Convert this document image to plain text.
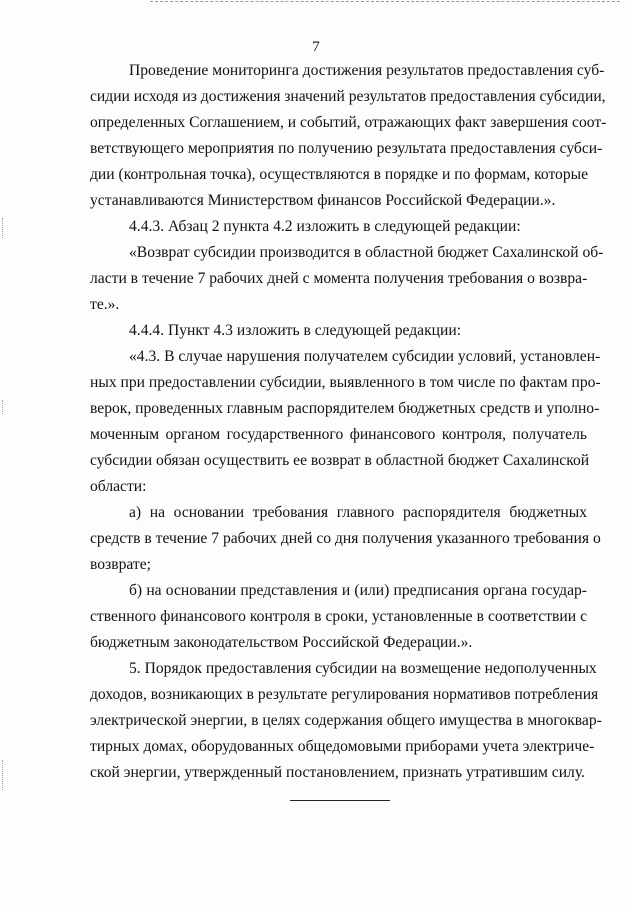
7
Проведение мониторинга достижения результатов предоставления суб-
сидии исходя из достижения значений результатов предоставления субсидии,
определенных Соглашением, и событий, отражающих факт завершения соот-
ветствующего мероприятия по получению результата предоставления субси-
дии (контрольная точка), осуществляются в порядке и по формам, которые
устанавливаются Министерством финансов Российской Федерации.».
4.4.3. Абзац 2 пункта 4.2 изложить в следующей редакции:
«Возврат субсидии производится в областной бюджет Сахалинской об-
ласти в течение 7 рабочих дней с момента получения требования о возвра-
те.».
4.4.4. Пункт 4.3 изложить в следующей редакции:
«4.3. В случае нарушения получателем субсидии условий, установлен-
ных при предоставлении субсидии, выявленного в том числе по фактам про-
верок, проведенных главным распорядителем бюджетных средств и уполно-
моченным органом государственного финансового контроля, получатель
субсидии обязан осуществить ее возврат в областной бюджет Сахалинской
области:
а) на основании требования главного распорядителя бюджетных
средств в течение 7 рабочих дней со дня получения указанного требования о
возврате;
б) на основании представления и (или) предписания органа государ-
ственного финансового контроля в сроки, установленные в соответствии с
бюджетным законодательством Российской Федерации.».
5. Порядок предоставления субсидии на возмещение недополученных
доходов, возникающих в результате регулирования нормативов потребления
электрической энергии, в целях содержания общего имущества в многоквар-
тирных домах, оборудованных общедомовыми приборами учета электриче-
ской энергии, утвержденный постановлением, признать утратившим силу.
